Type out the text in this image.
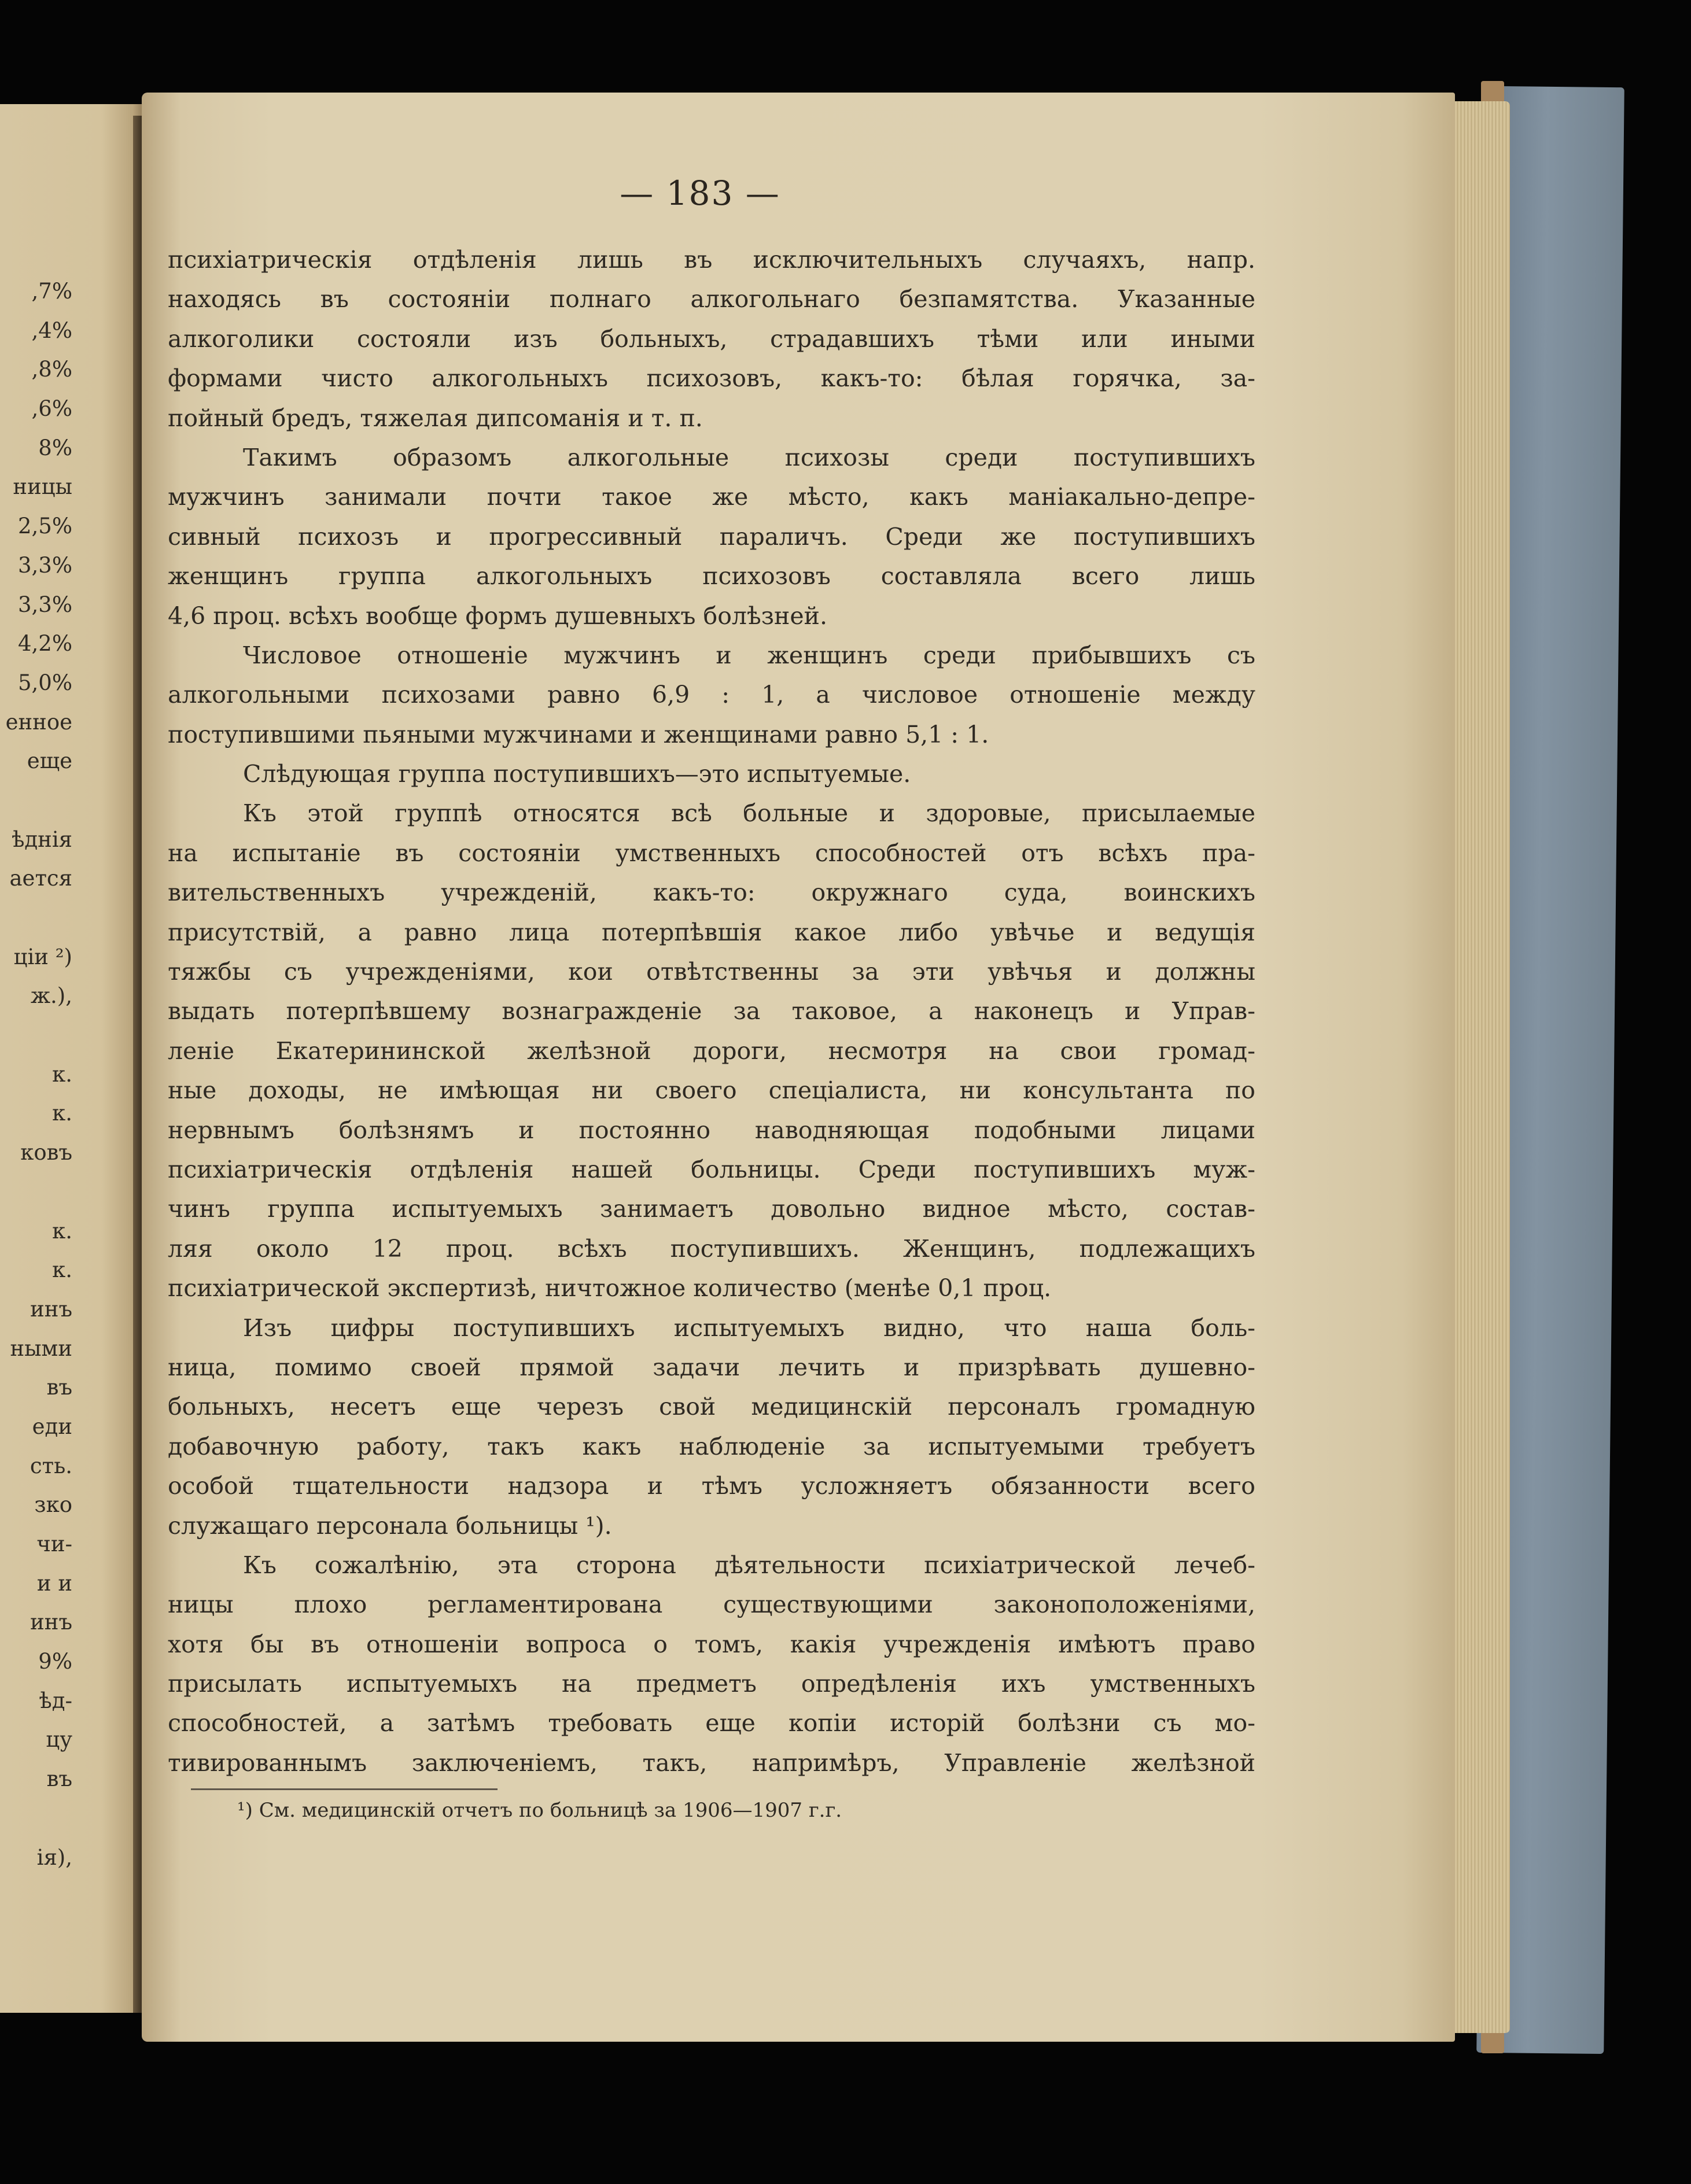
,7%
,4%
,8%
,6%
8%
ницы
2,5%
3,3%
3,3%
4,2%
5,0%
енное
еще
ѣднія
ается
ціи ²)
ж.),
к.
к.
ковъ
к.
к.
инъ
ными
въ
еди
сть.
зко
чи-
и и
инъ
9%
ѣд-
цу
въ
ія),
— 183 —
психіатрическія отдѣленія лишь въ исключительныхъ случаяхъ, напр.
находясь въ состояніи полнаго алкогольнаго безпамятства. Указанные
алкоголики состояли изъ больныхъ, страдавшихъ тѣми или иными
формами чисто алкогольныхъ психозовъ, какъ-то: бѣлая горячка, за-
пойный бредъ, тяжелая дипсоманія и т. п.
Такимъ образомъ алкогольные психозы среди поступившихъ
мужчинъ занимали почти такое же мѣсто, какъ маніакально-депре-
сивный психозъ и прогрессивный параличъ. Среди же поступившихъ
женщинъ группа алкогольныхъ психозовъ составляла всего лишь
4,6 проц. всѣхъ вообще формъ душевныхъ болѣзней.
Числовое отношеніе мужчинъ и женщинъ среди прибывшихъ съ
алкогольными психозами равно 6,9 : 1, а числовое отношеніе между
поступившими пьяными мужчинами и женщинами равно 5,1 : 1.
Слѣдующая группа поступившихъ—это испытуемые.
Къ этой группѣ относятся всѣ больные и здоровые, присылаемые
на испытаніе въ состояніи умственныхъ способностей отъ всѣхъ пра-
вительственныхъ учрежденій, какъ-то: окружнаго суда, воинскихъ
присутствій, а равно лица потерпѣвшія какое либо увѣчье и ведущія
тяжбы съ учрежденіями, кои отвѣтственны за эти увѣчья и должны
выдать потерпѣвшему вознагражденіе за таковое, а наконецъ и Управ-
леніе Екатерининской желѣзной дороги, несмотря на свои громад-
ные доходы, не имѣющая ни своего спеціалиста, ни консультанта по
нервнымъ болѣзнямъ и постоянно наводняющая подобными лицами
психіатрическія отдѣленія нашей больницы. Среди поступившихъ муж-
чинъ группа испытуемыхъ занимаетъ довольно видное мѣсто, состав-
ляя около 12 проц. всѣхъ поступившихъ. Женщинъ, подлежащихъ
психіатрической экспертизѣ, ничтожное количество (менѣе 0,1 проц.
Изъ цифры поступившихъ испытуемыхъ видно, что наша боль-
ница, помимо своей прямой задачи лечить и призрѣвать душевно-
больныхъ, несетъ еще черезъ свой медицинскій персоналъ громадную
добавочную работу, такъ какъ наблюденіе за испытуемыми требуетъ
особой тщательности надзора и тѣмъ усложняетъ обязанности всего
служащаго персонала больницы ¹).
Къ сожалѣнію, эта сторона дѣятельности психіатрической лечеб-
ницы плохо регламентирована существующими законоположеніями,
хотя бы въ отношеніи вопроса о томъ, какія учрежденія имѣютъ право
присылать испытуемыхъ на предметъ опредѣленія ихъ умственныхъ
способностей, а затѣмъ требовать еще копіи исторій болѣзни съ мо-
тивированнымъ заключеніемъ, такъ, напримѣръ, Управленіе желѣзной
¹) См. медицинскій отчетъ по больницѣ за 1906—1907 г.г.
